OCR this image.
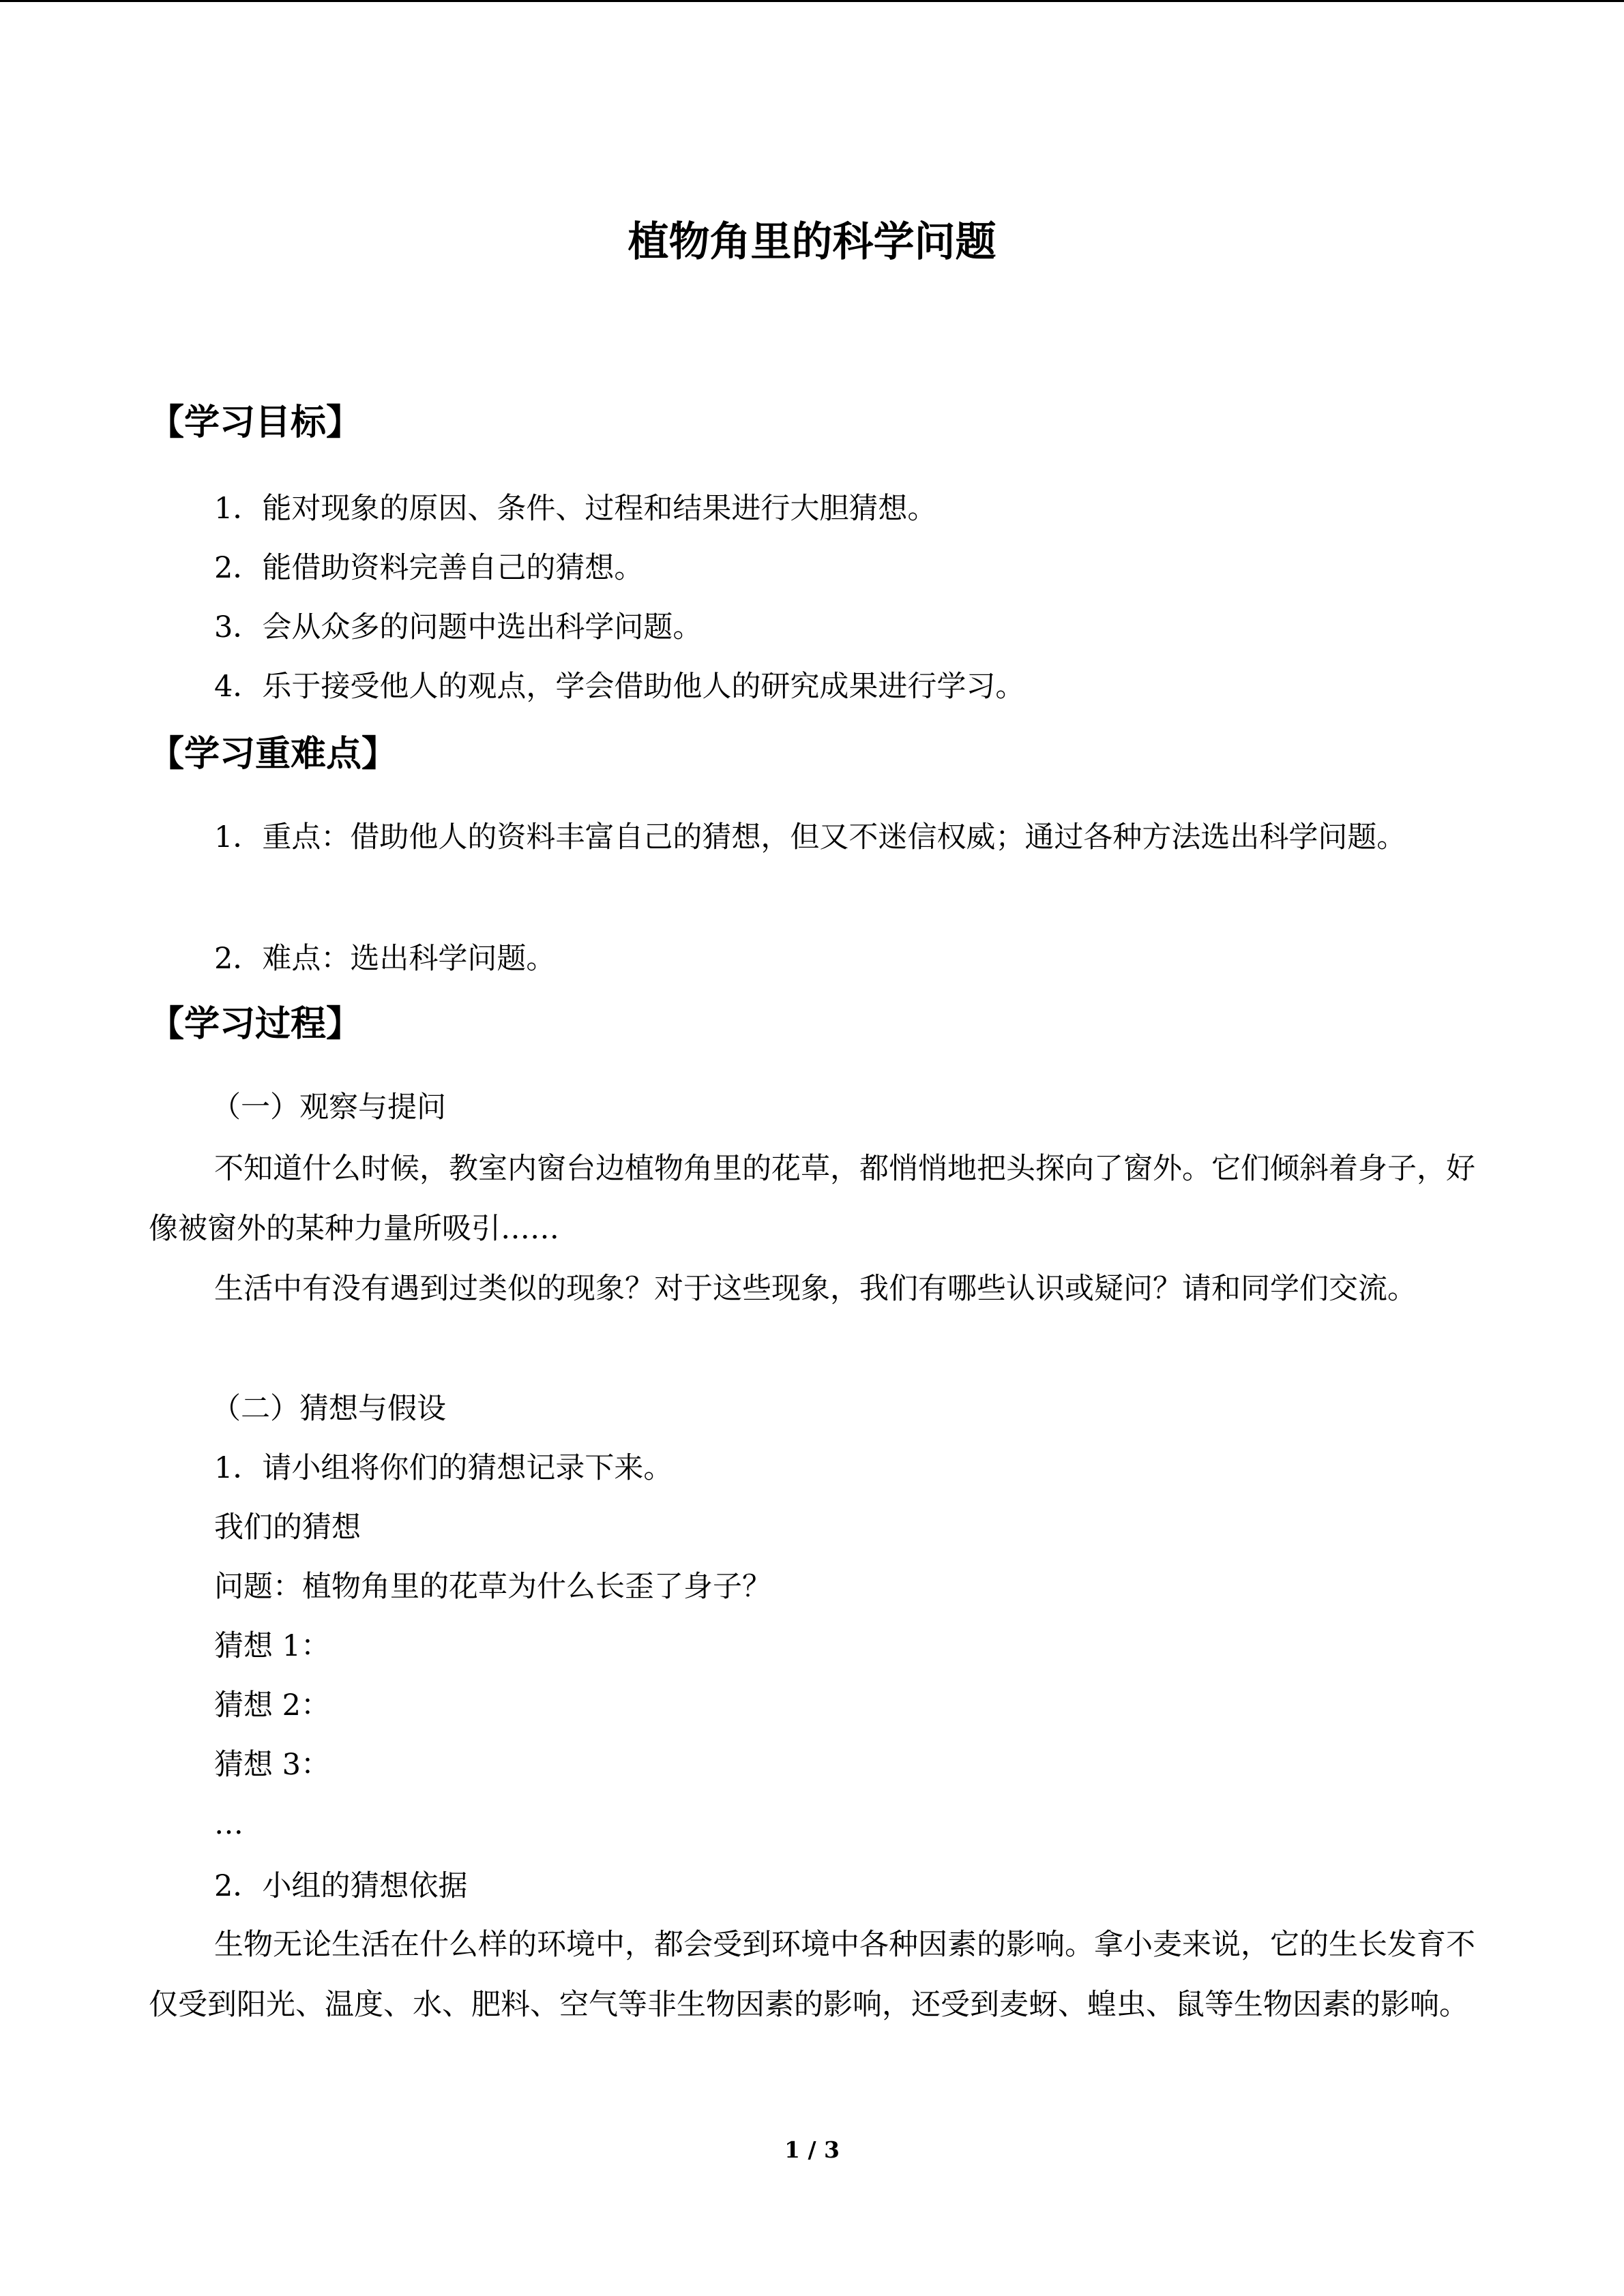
植物角里的科学问题
【学习目标】
1．能对现象的原因、条件、过程和结果进行大胆猜想。
2．能借助资料完善自己的猜想。
3．会从众多的问题中选出科学问题。
4．乐于接受他人的观点，学会借助他人的研究成果进行学习。
【学习重难点】

1．重点：借助他人的资料丰富自己的猜想，但又不迷信权威；通过各种方法选出科学问题。

2．难点：选出科学问题。
【学习过程】
（一）观察与提问

不知道什么时候，教室内窗台边植物角里的花草，都悄悄地把头探向了窗外。它们倾斜着身子，好像被窗外的某种力量所吸引……

生活中有没有遇到过类似的现象？对于这些现象，我们有哪些认识或疑问？请和同学们交流。

（二）猜想与假设
1．请小组将你们的猜想记录下来。
我们的猜想
问题：植物角里的花草为什么长歪了身子？
猜想 1：
猜想 2：
猜想 3：
…
2．小组的猜想依据

生物无论生活在什么样的环境中，都会受到环境中各种因素的影响。拿小麦来说，它的生长发育不仅受到阳光、温度、水、肥料、空气等非生物因素的影响，还受到麦蚜、蝗虫、鼠等生物因素的影响。

1 / 3
